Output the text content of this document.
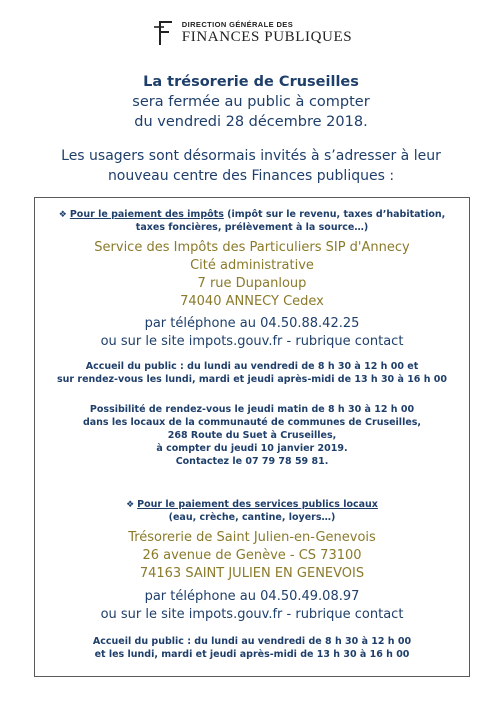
DIRECTION GÉNÉRALE DES
FINANCES PUBLIQUES
La trésorerie de Cruseilles
sera fermée au public à compter
du vendredi 28 décembre 2018.
Les usagers sont désormais invités à s’adresser à leur
nouveau centre des Finances publiques :
❖ Pour le paiement des impôts (impôt sur le revenu, taxes d’habitation,
taxes foncières, prélèvement à la source…)
Service des Impôts des Particuliers SIP d'Annecy
Cité administrative
7 rue Dupanloup
74040 ANNECY Cedex
par téléphone au 04.50.88.42.25
ou sur le site impots.gouv.fr - rubrique contact
Accueil du public : du lundi au vendredi de 8 h 30 à 12 h 00 et
sur rendez-vous les lundi, mardi et jeudi après-midi de 13 h 30 à 16 h 00
Possibilité de rendez-vous le jeudi matin de 8 h 30 à 12 h 00
dans les locaux de la communauté de communes de Cruseilles,
268 Route du Suet à Cruseilles,
à compter du jeudi 10 janvier 2019.
Contactez le 07 79 78 59 81.
❖ Pour le paiement des services publics locaux
(eau, crèche, cantine, loyers…)
Trésorerie de Saint Julien-en-Genevois
26 avenue de Genève - CS 73100
74163 SAINT JULIEN EN GENEVOIS
par téléphone au 04.50.49.08.97
ou sur le site impots.gouv.fr - rubrique contact
Accueil du public : du lundi au vendredi de 8 h 30 à 12 h 00
et les lundi, mardi et jeudi après-midi de 13 h 30 à 16 h 00
